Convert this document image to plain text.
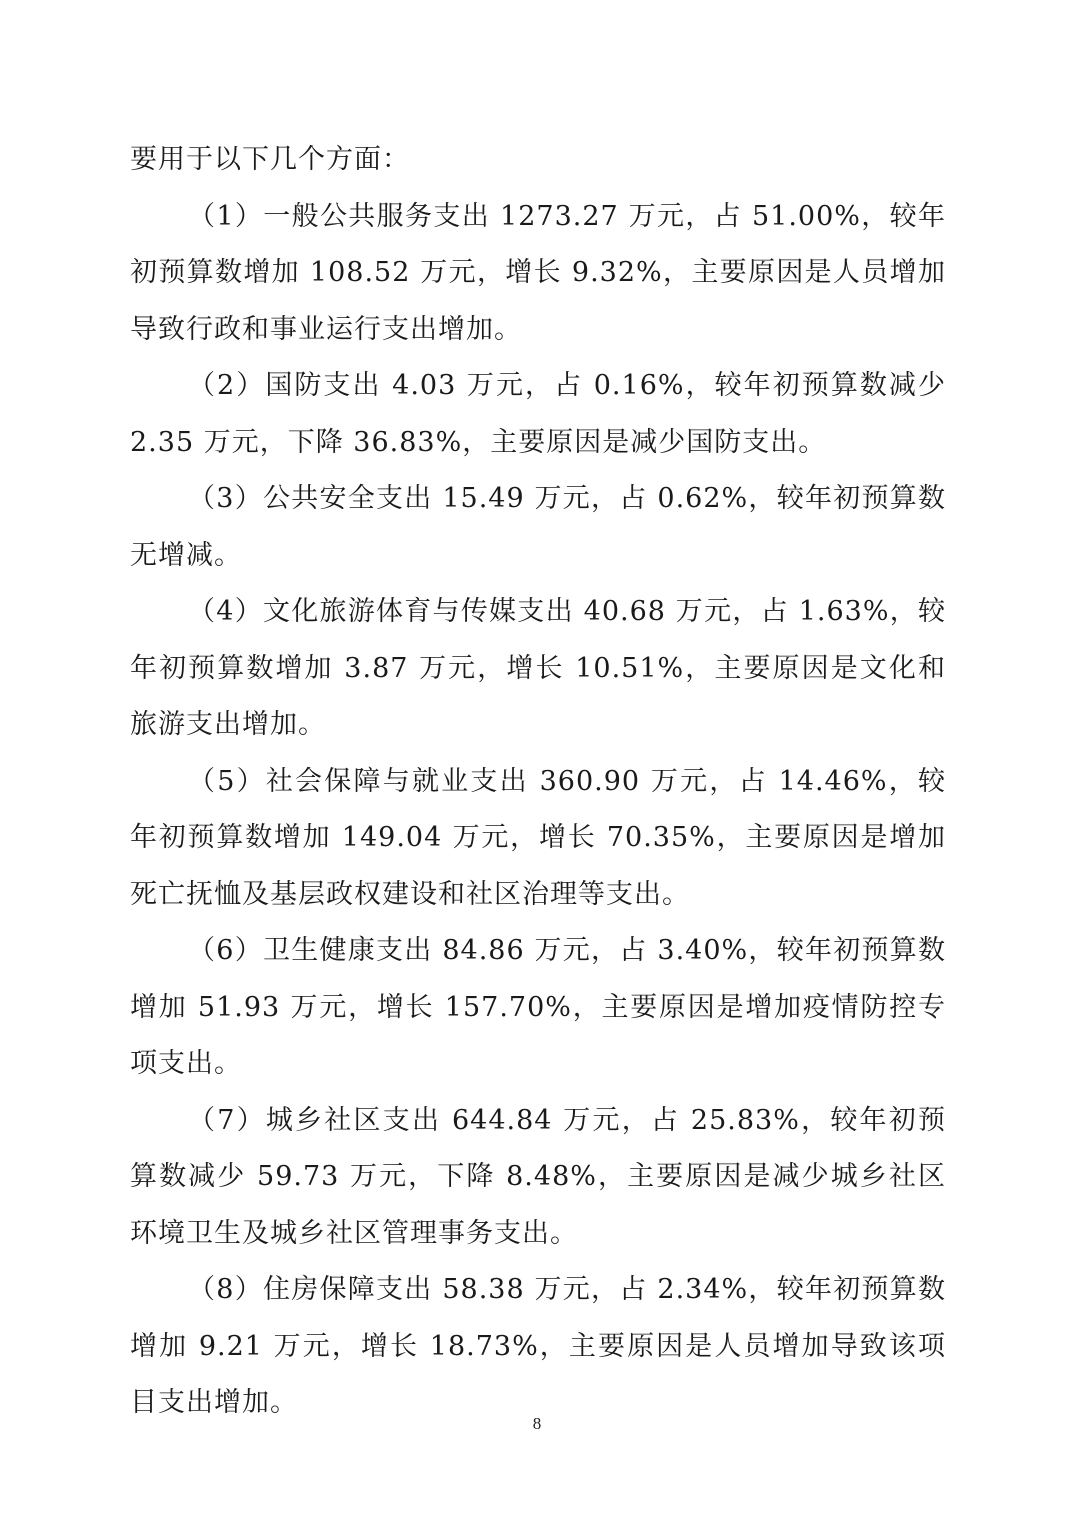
要用于以下几个方面：

（1）一般公共服务支出 1273.27 万元，占 51.00%，较年初预算数增加 108.52 万元，增长 9.32%，主要原因是人员增加导致行政和事业运行支出增加。

（2）国防支出 4.03 万元，占 0.16%，较年初预算数减少 2.35 万元，下降 36.83%，主要原因是减少国防支出。

（3）公共安全支出 15.49 万元，占 0.62%，较年初预算数无增减。

（4）文化旅游体育与传媒支出 40.68 万元，占 1.63%，较年初预算数增加 3.87 万元，增长 10.51%，主要原因是文化和旅游支出增加。

（5）社会保障与就业支出 360.90 万元，占 14.46%，较年初预算数增加 149.04 万元，增长 70.35%，主要原因是增加死亡抚恤及基层政权建设和社区治理等支出。

（6）卫生健康支出 84.86 万元，占 3.40%，较年初预算数增加 51.93 万元，增长 157.70%，主要原因是增加疫情防控专项支出。

（7）城乡社区支出 644.84 万元，占 25.83%，较年初预算数减少 59.73 万元，下降 8.48%，主要原因是减少城乡社区环境卫生及城乡社区管理事务支出。

（8）住房保障支出 58.38 万元，占 2.34%，较年初预算数增加 9.21 万元，增长 18.73%，主要原因是人员增加导致该项目支出增加。

8
